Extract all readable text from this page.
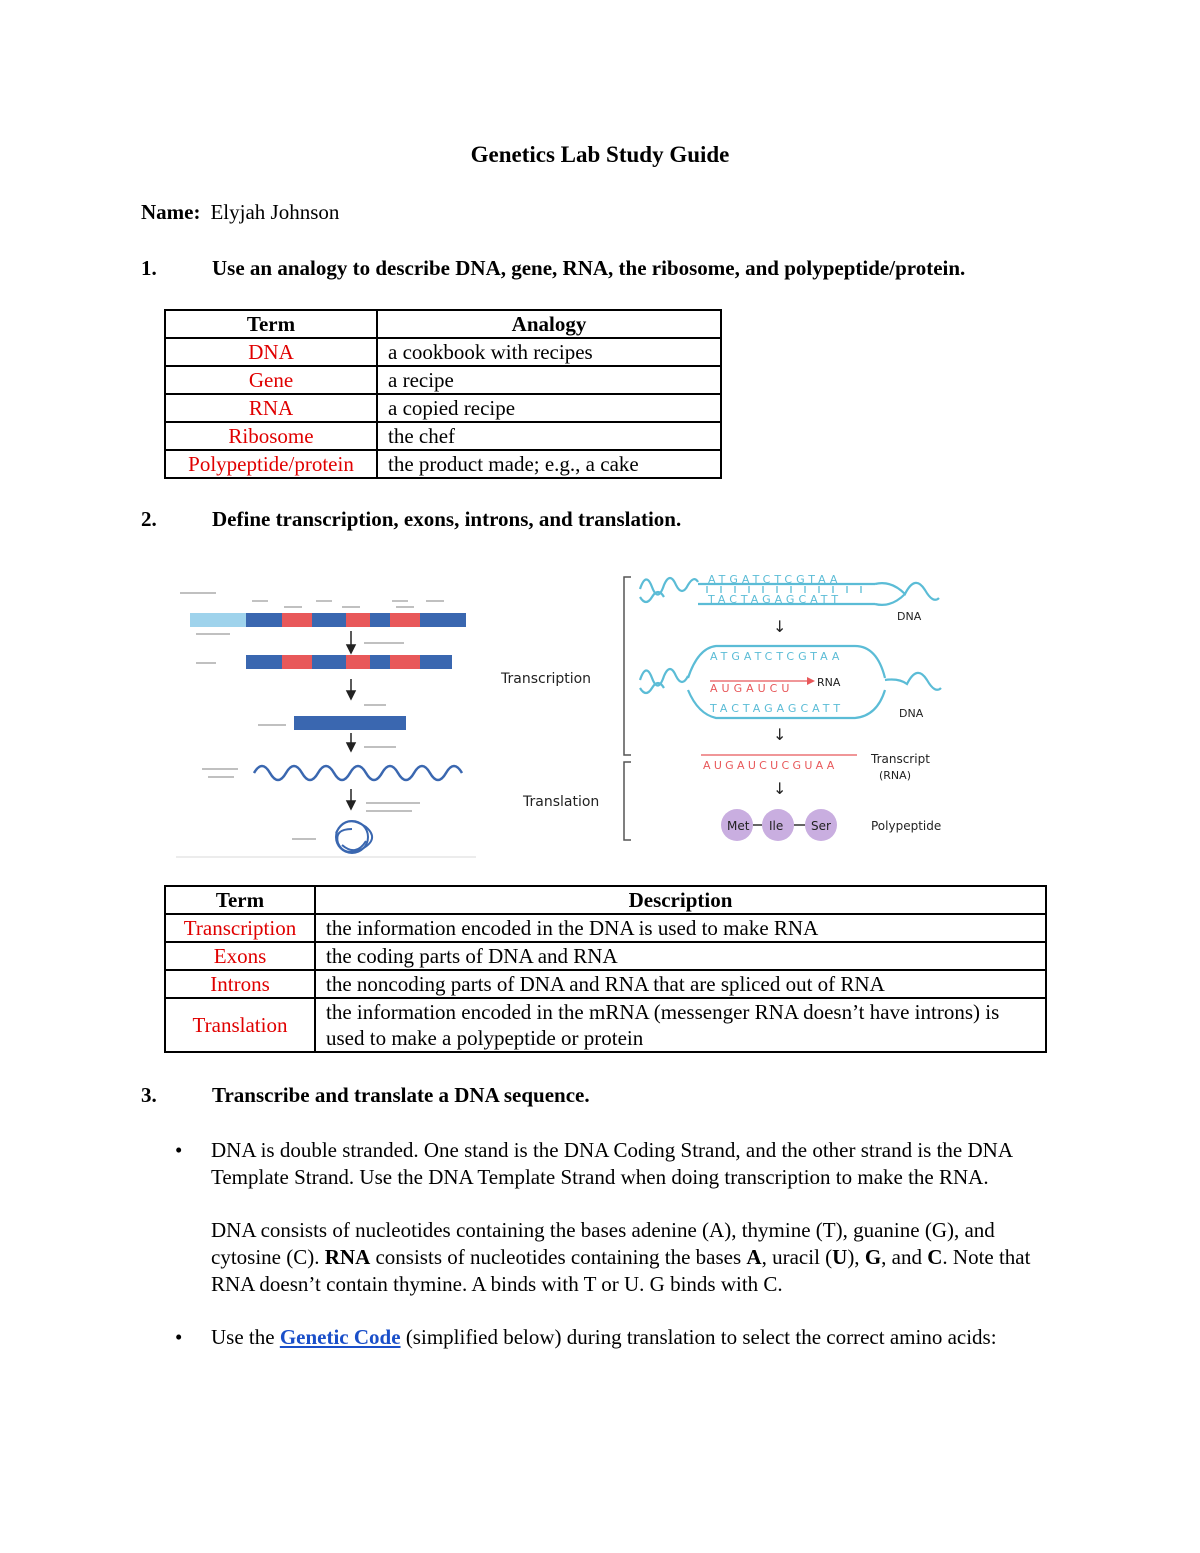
Genetics Lab Study Guide
Name: Elyjah Johnson
1.	Use an analogy to describe DNA, gene, RNA, the ribosome, and polypeptide/protein.
Term	Analogy
DNA	a cookbook with recipes
Gene	a recipe
RNA	a copied recipe
Ribosome	the chef
Polypeptide/protein	the product made; e.g., a cake
2.	Define transcription, exons, introns, and translation.
Transcription
Translation
ATGATCTCGTAA
TACTAGAGCATT
DNA
↓
ATGATCTCGTAA
AUGAUCU RNA
TACTAGAGCATT	DNA
↓
AUGAUCUCGUAA	Transcript
(RNA)
↓
Met Ile Ser	Polypeptide
Term	Description
Transcription	the information encoded in the DNA is used to make RNA
Exons	the coding parts of DNA and RNA
Introns	the noncoding parts of DNA and RNA that are spliced out of RNA
Translation	the information encoded in the mRNA (messenger RNA doesn’t have introns) is used to make a polypeptide or protein
3.	Transcribe and translate a DNA sequence.
• DNA is double stranded. One stand is the DNA Coding Strand, and the other strand is the DNA Template Strand. Use the DNA Template Strand when doing transcription to make the RNA.
DNA consists of nucleotides containing the bases adenine (A), thymine (T), guanine (G), and cytosine (C). RNA consists of nucleotides containing the bases A, uracil (U), G, and C. Note that RNA doesn’t contain thymine. A binds with T or U. G binds with C.
• Use the Genetic Code (simplified below) during translation to select the correct amino acids:
